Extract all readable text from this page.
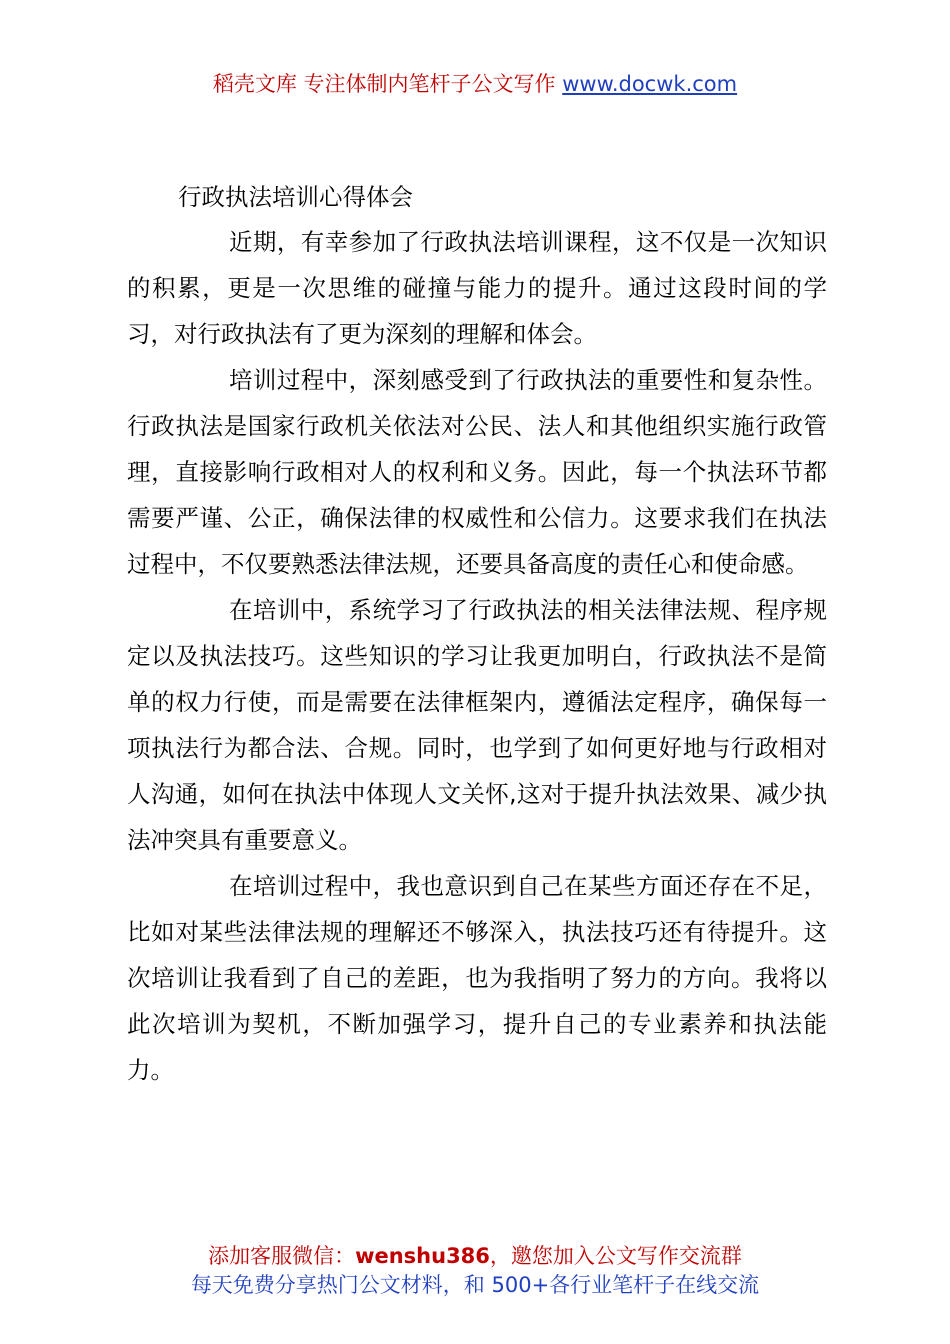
稻壳文库 专注体制内笔杆子公文写作 www.docwk.com
行政执法培训心得体会

近期，有幸参加了行政执法培训课程，这不仅是一次知识的积累，更是一次思维的碰撞与能力的提升。通过这段时间的学习，对行政执法有了更为深刻的理解和体会。

培训过程中，深刻感受到了行政执法的重要性和复杂性。行政执法是国家行政机关依法对公民、法人和其他组织实施行政管理，直接影响行政相对人的权利和义务。因此，每一个执法环节都需要严谨、公正，确保法律的权威性和公信力。这要求我们在执法过程中，不仅要熟悉法律法规，还要具备高度的责任心和使命感。

在培训中，系统学习了行政执法的相关法律法规、程序规定以及执法技巧。这些知识的学习让我更加明白，行政执法不是简单的权力行使，而是需要在法律框架内，遵循法定程序，确保每一项执法行为都合法、合规。同时，也学到了如何更好地与行政相对人沟通，如何在执法中体现人文关怀,这对于提升执法效果、减少执法冲突具有重要意义。

在培训过程中，我也意识到自己在某些方面还存在不足，比如对某些法律法规的理解还不够深入，执法技巧还有待提升。这次培训让我看到了自己的差距，也为我指明了努力的方向。我将以此次培训为契机，不断加强学习，提升自己的专业素养和执法能力。

添加客服微信：wenshu386，邀您加入公文写作交流群
每天免费分享热门公文材料，和 500+各行业笔杆子在线交流
